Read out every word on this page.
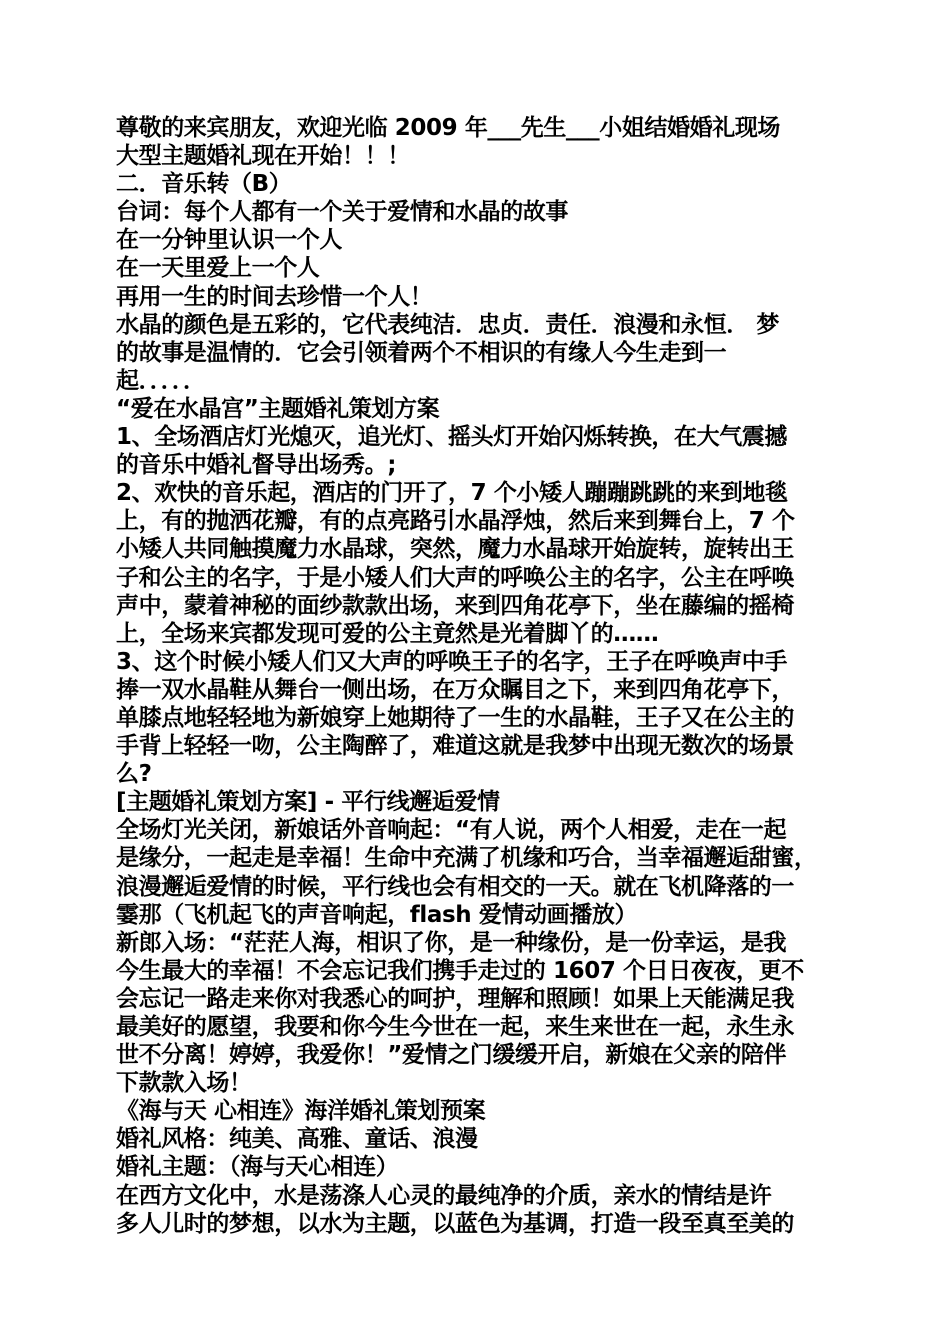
尊敬的来宾朋友，欢迎光临 2009 年___先生___小姐结婚婚礼现场
大型主题婚礼现在开始！！！
二．音乐转（B）
台词：每个人都有一个关于爱情和水晶的故事
在一分钟里认识一个人
在一天里爱上一个人
再用一生的时间去珍惜一个人！
水晶的颜色是五彩的，它代表纯洁．忠贞．责任．浪漫和永恒． 梦
的故事是温情的．它会引领着两个不相识的有缘人今生走到一
起．．．．．
“爱在水晶宫”主题婚礼策划方案
1、全场酒店灯光熄灭，追光灯、摇头灯开始闪烁转换，在大气震撼
的音乐中婚礼督导出场秀。;
2、欢快的音乐起，酒店的门开了，7 个小矮人蹦蹦跳跳的来到地毯
上，有的抛洒花瓣，有的点亮路引水晶浮烛，然后来到舞台上，7 个
小矮人共同触摸魔力水晶球，突然，魔力水晶球开始旋转，旋转出王
子和公主的名字，于是小矮人们大声的呼唤公主的名字，公主在呼唤
声中，蒙着神秘的面纱款款出场，来到四角花亭下，坐在藤编的摇椅
上，全场来宾都发现可爱的公主竟然是光着脚丫的……
3、这个时候小矮人们又大声的呼唤王子的名字，王子在呼唤声中手
捧一双水晶鞋从舞台一侧出场，在万众瞩目之下，来到四角花亭下，
单膝点地轻轻地为新娘穿上她期待了一生的水晶鞋，王子又在公主的
手背上轻轻一吻，公主陶醉了，难道这就是我梦中出现无数次的场景
么?
[主题婚礼策划方案] - 平行线邂逅爱情
全场灯光关闭，新娘话外音响起：“有人说，两个人相爱，走在一起
是缘分，一起走是幸福！生命中充满了机缘和巧合，当幸福邂逅甜蜜，
浪漫邂逅爱情的时候，平行线也会有相交的一天。就在飞机降落的一
霎那（飞机起飞的声音响起，flash 爱情动画播放）
新郎入场：“茫茫人海，相识了你，是一种缘份，是一份幸运，是我
今生最大的幸福！不会忘记我们携手走过的 1607 个日日夜夜，更不
会忘记一路走来你对我悉心的呵护，理解和照顾！如果上天能满足我
最美好的愿望，我要和你今生今世在一起，来生来世在一起，永生永
世不分离！婷婷，我爱你！”爱情之门缓缓开启，新娘在父亲的陪伴
下款款入场！
《海与天 心相连》海洋婚礼策划预案
婚礼风格：纯美、高雅、童话、浪漫
婚礼主题：（海与天心相连）
在西方文化中，水是荡涤人心灵的最纯净的介质，亲水的情结是许
多人儿时的梦想，以水为主题，以蓝色为基调，打造一段至真至美的
